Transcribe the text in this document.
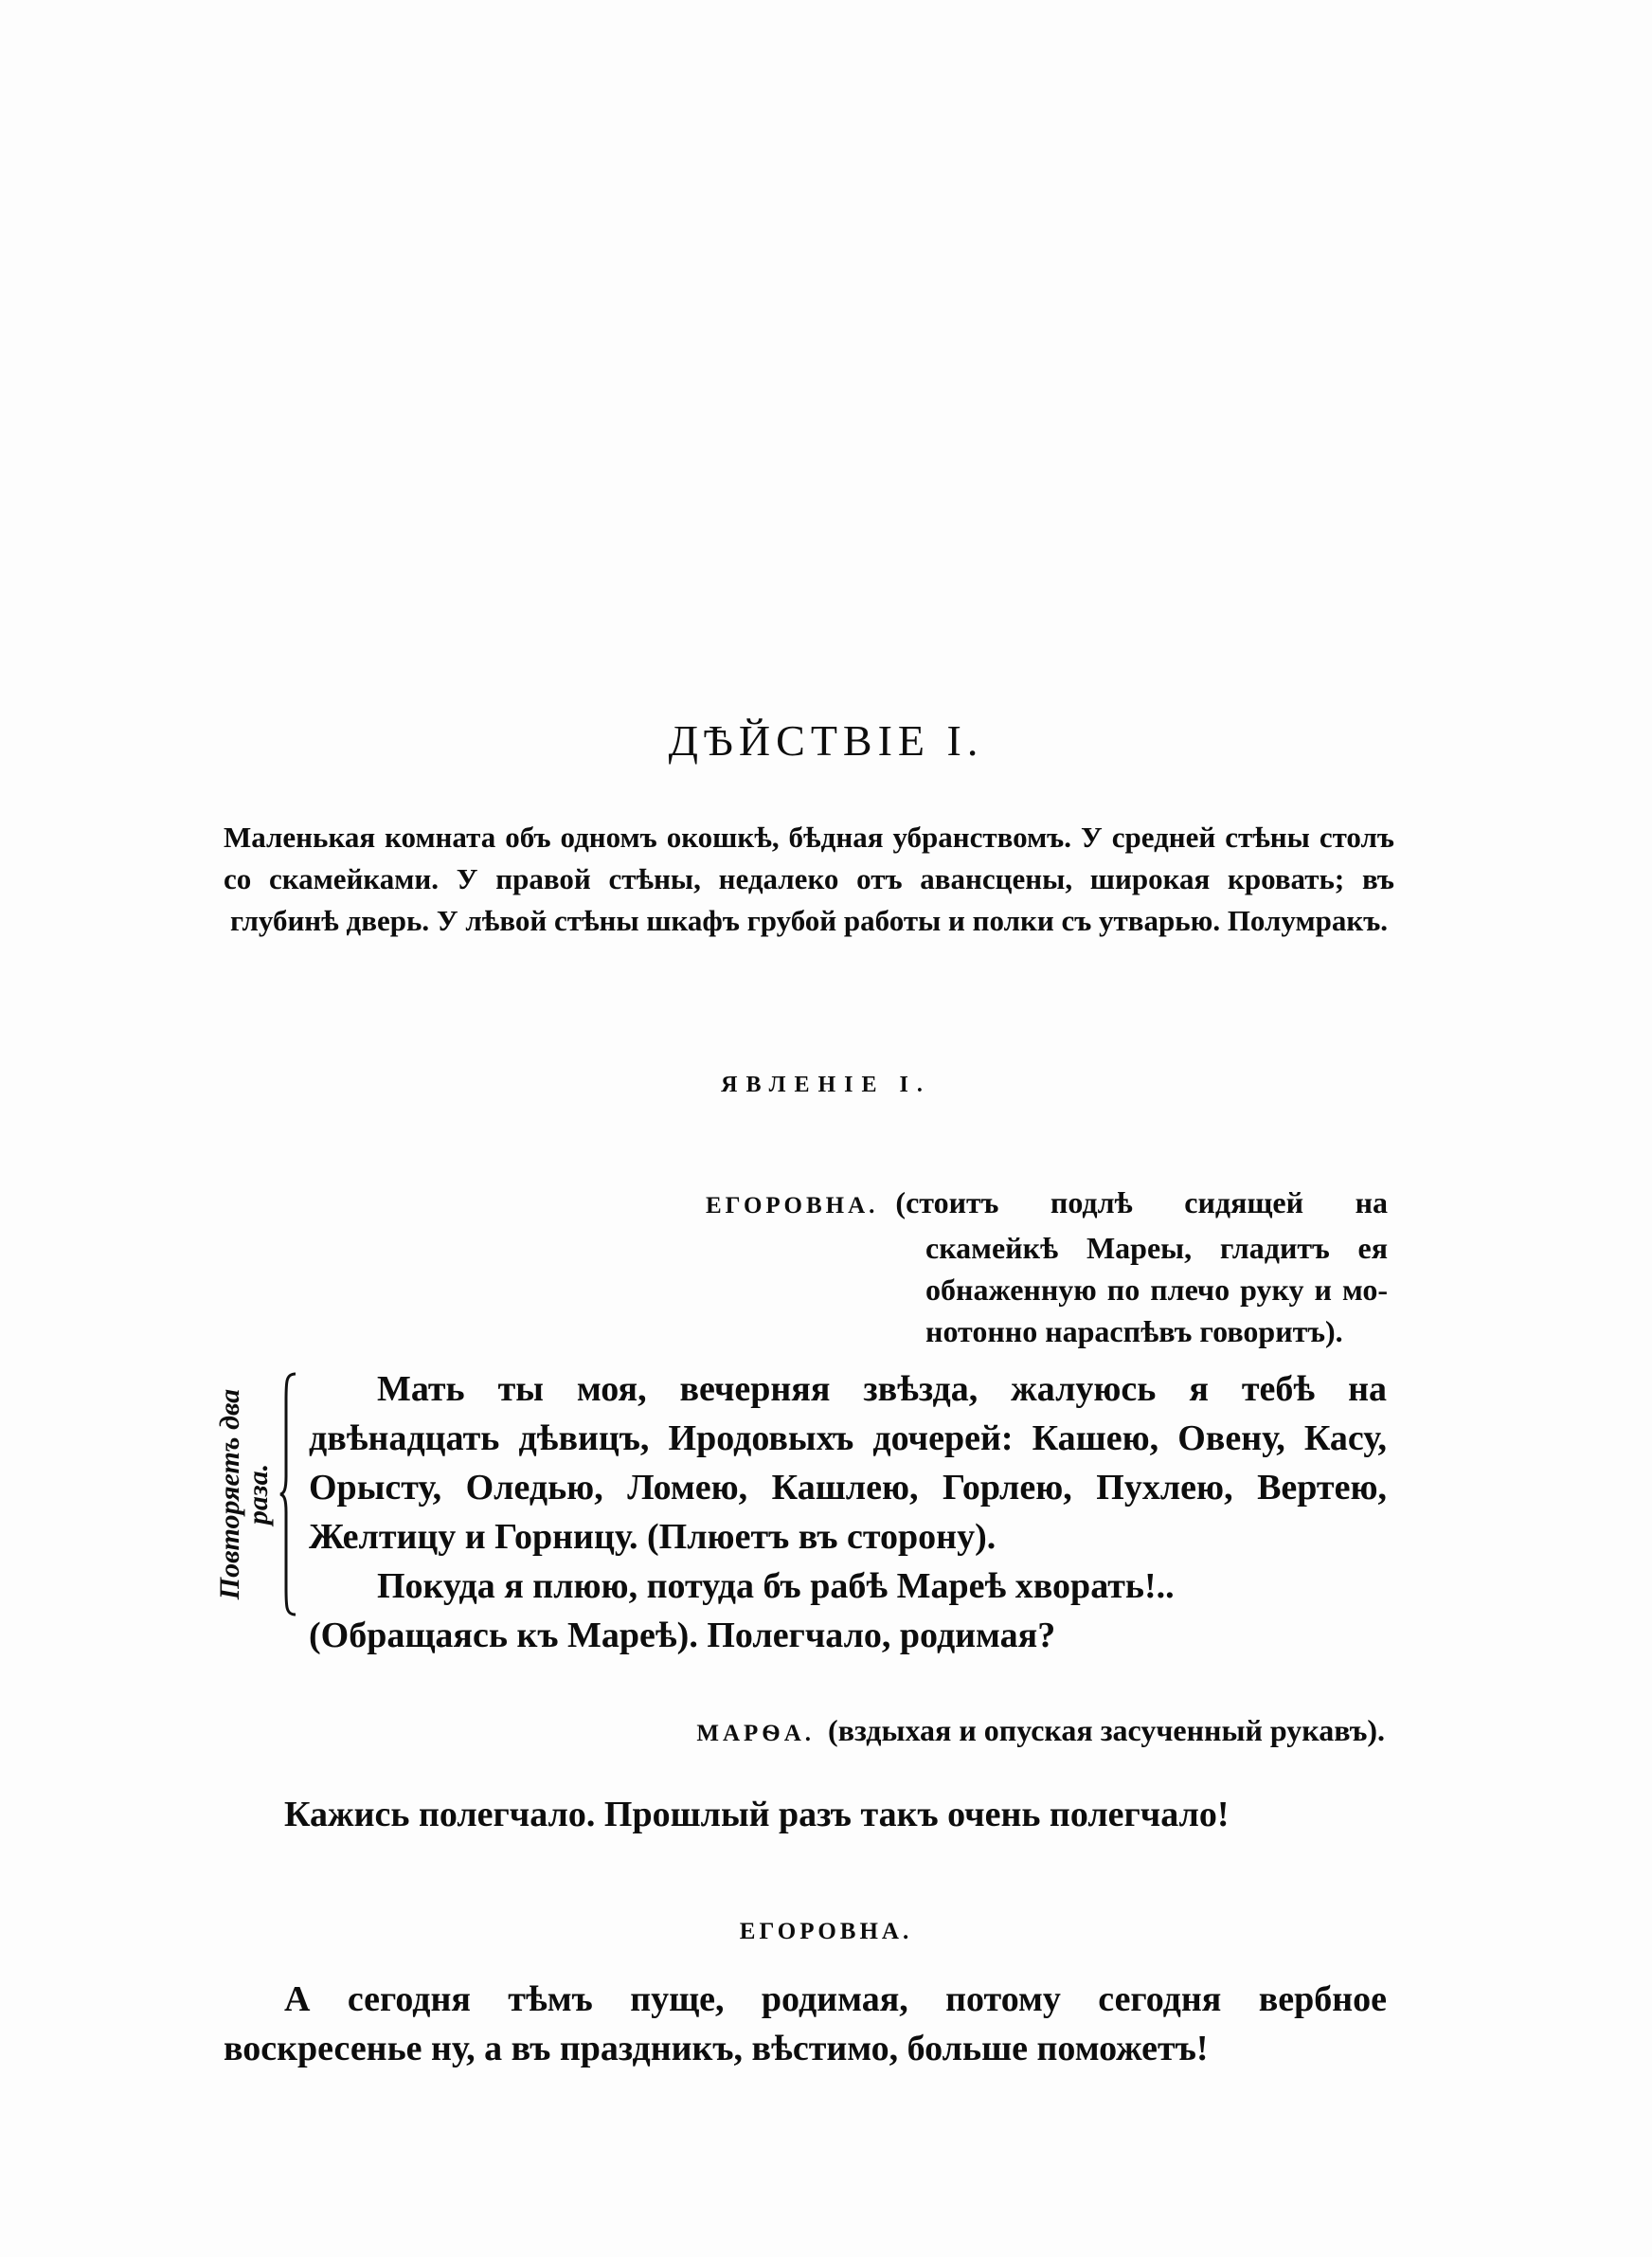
ДѢЙСТВІЕ I.
Маленькая комната объ одномъ окошкѣ, бѣдная убранствомъ. У средней стѣны столъ со скамейками. У правой стѣны, недалеко отъ авансцены, широкая кровать; въ глубинѣ дверь. У лѣвой стѣны шкафъ грубой работы и полки съ утварью. Полумракъ.
ЯВЛЕНІЕ I.
ЕГОРОВНА. (стоитъ подлѣ сидящей на
скамейкѣ Мареы, гладитъ ея
обнаженную по плечо руку и мо-
нотонно нараспѣвъ говоритъ).
Повторяетъ два раза.

Мать ты моя, вечерняя звѣзда, жалуюсь я тебѣ на двѣнадцать дѣвицъ, Иродовыхъ дочерей: Кашею, Овену, Касу, Орысту, Оледью, Ломею, Кашлею, Горлею, Пухлею, Вертею, Желтицу и Горницу. (Плюетъ въ сторону).

Покуда я плюю, потуда бъ рабѣ Мареѣ хворать!..

(Обращаясь къ Мареѣ). Полегчало, родимая?

МАРѲА. (вздыхая и опуская засученный рукавъ).
Кажись полегчало. Прошлый разъ такъ очень полегчало!
ЕГОРОВНА.

А сегодня тѣмъ пуще, родимая, потому сегодня вербное воскресенье ну, а въ праздникъ, вѣстимо, больше поможетъ!
